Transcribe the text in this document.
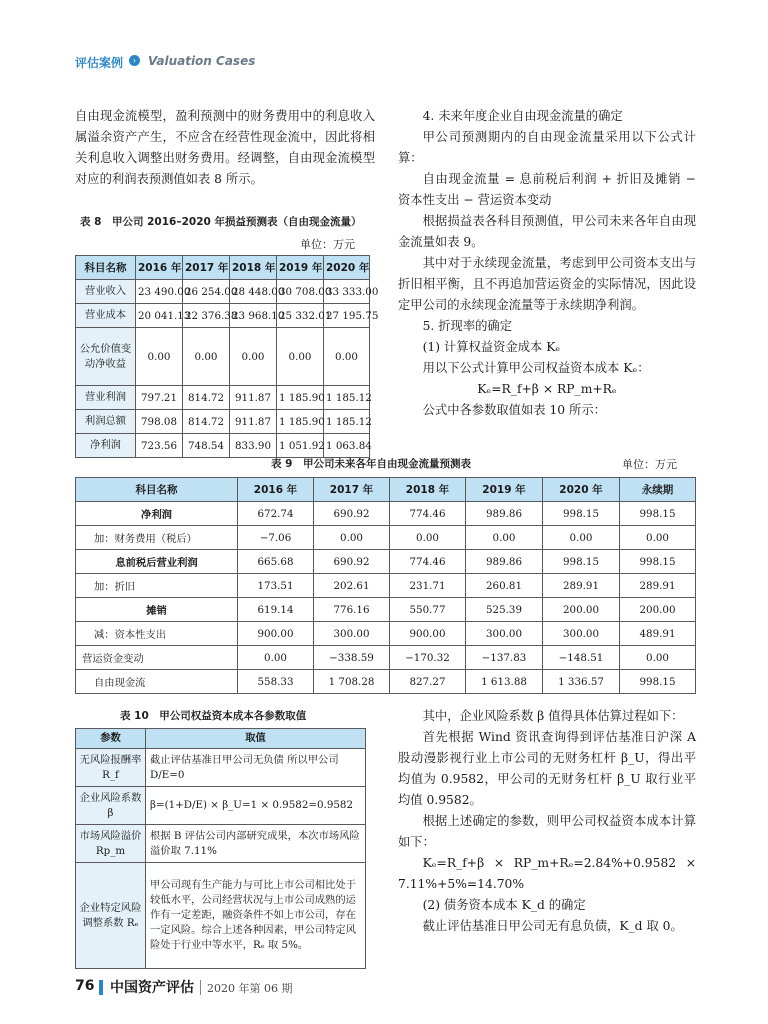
评估案例	› Valuation Cases

自由现金流模型，盈利预测中的财务费用中的利息收入属溢余资产产生，不应含在经营性现金流中，因此将相关利息收入调整出财务费用。经调整，自由现金流模型对应的利润表预测值如表 8 所示。

表 8　甲公司 2016–2020 年损益预测表（自由现金流量）
单位：万元
科目名称	2016 年	2017 年	2018 年	2019 年	2020 年
营业收入	23 490.00	26 254.00	28 448.00	30 708.00	33 333.00
营业成本	20 041.13	22 376.38	23 968.10	25 332.01	27 195.75
公允价值变动净收益	0.00	0.00	0.00	0.00	0.00
营业利润	797.21	814.72	911.87	1 185.90	1 185.12
利润总额	798.08	814.72	911.87	1 185.90	1 185.12
净利润	723.56	748.54	833.90	1 051.92	1 063.84

4. 未来年度企业自由现金流量的确定

甲公司预测期内的自由现金流量采用以下公式计算：

自由现金流量 = 息前税后利润 + 折旧及摊销 − 资本性支出 − 营运资本变动

根据损益表各科目预测值，甲公司未来各年自由现金流量如表 9。

其中对于永续现金流量，考虑到甲公司资本支出与折旧相平衡，且不再追加营运资金的实际情况，因此设定甲公司的永续现金流量等于永续期净利润。

5. 折现率的确定

(1) 计算权益资金成本 Kₑ

用以下公式计算甲公司权益资本成本 Kₑ：

Kₑ=R_f+β × RP_m+Rₑ

公式中各参数取值如表 10 所示：

表 9　甲公司未来各年自由现金流量预测表	单位：万元
科目名称	2016 年	2017 年	2018 年	2019 年	2020 年	永续期
净利润	672.74	690.92	774.46	989.86	998.15	998.15
加：财务费用（税后）	−7.06	0.00	0.00	0.00	0.00	0.00
息前税后营业利润	665.68	690.92	774.46	989.86	998.15	998.15
加：折旧	173.51	202.61	231.71	260.81	289.91	289.91
摊销	619.14	776.16	550.77	525.39	200.00	200.00
减：资本性支出	900.00	300.00	900.00	300.00	300.00	489.91
营运资金变动	0.00	−338.59	−170.32	−137.83	−148.51	0.00
自由现金流	558.33	1 708.28	827.27	1 613.88	1 336.57	998.15
表 10　甲公司权益资本成本各参数取值
参数	取值
无风险报酬率 R_f	截止评估基准日甲公司无负债 所以甲公司 D/E=0
企业风险系数 β	β=(1+D/E) × β_U=1 × 0.9582=0.9582
市场风险溢价 Rp_m	根据 B 评估公司内部研究成果，本次市场风险溢价取 7.11%
企业特定风险调整系数 Rₑ	甲公司现有生产能力与可比上市公司相比处于较低水平，公司经营状况与上市公司成熟的运作有一定差距，融资条件不如上市公司，存在一定风险。综合上述各种因素，甲公司特定风险处于行业中等水平，Rₑ 取 5%。

其中，企业风险系数 β 值得具体估算过程如下：

首先根据 Wind 资讯查询得到评估基准日沪深 A 股动漫影视行业上市公司的无财务杠杆 β_U，得出平均值为 0.9582，甲公司的无财务杠杆 β_U 取行业平均值 0.9582。

根据上述确定的参数，则甲公司权益资本成本计算如下：

Kₑ=R_f+β × RP_m+Rₑ=2.84%+0.9582 × 7.11%+5%=14.70%

(2) 债务资本成本 K_d 的确定

截止评估基准日甲公司无有息负债，K_d 取 0。

76 中国资产评估 2020 年第 06 期
